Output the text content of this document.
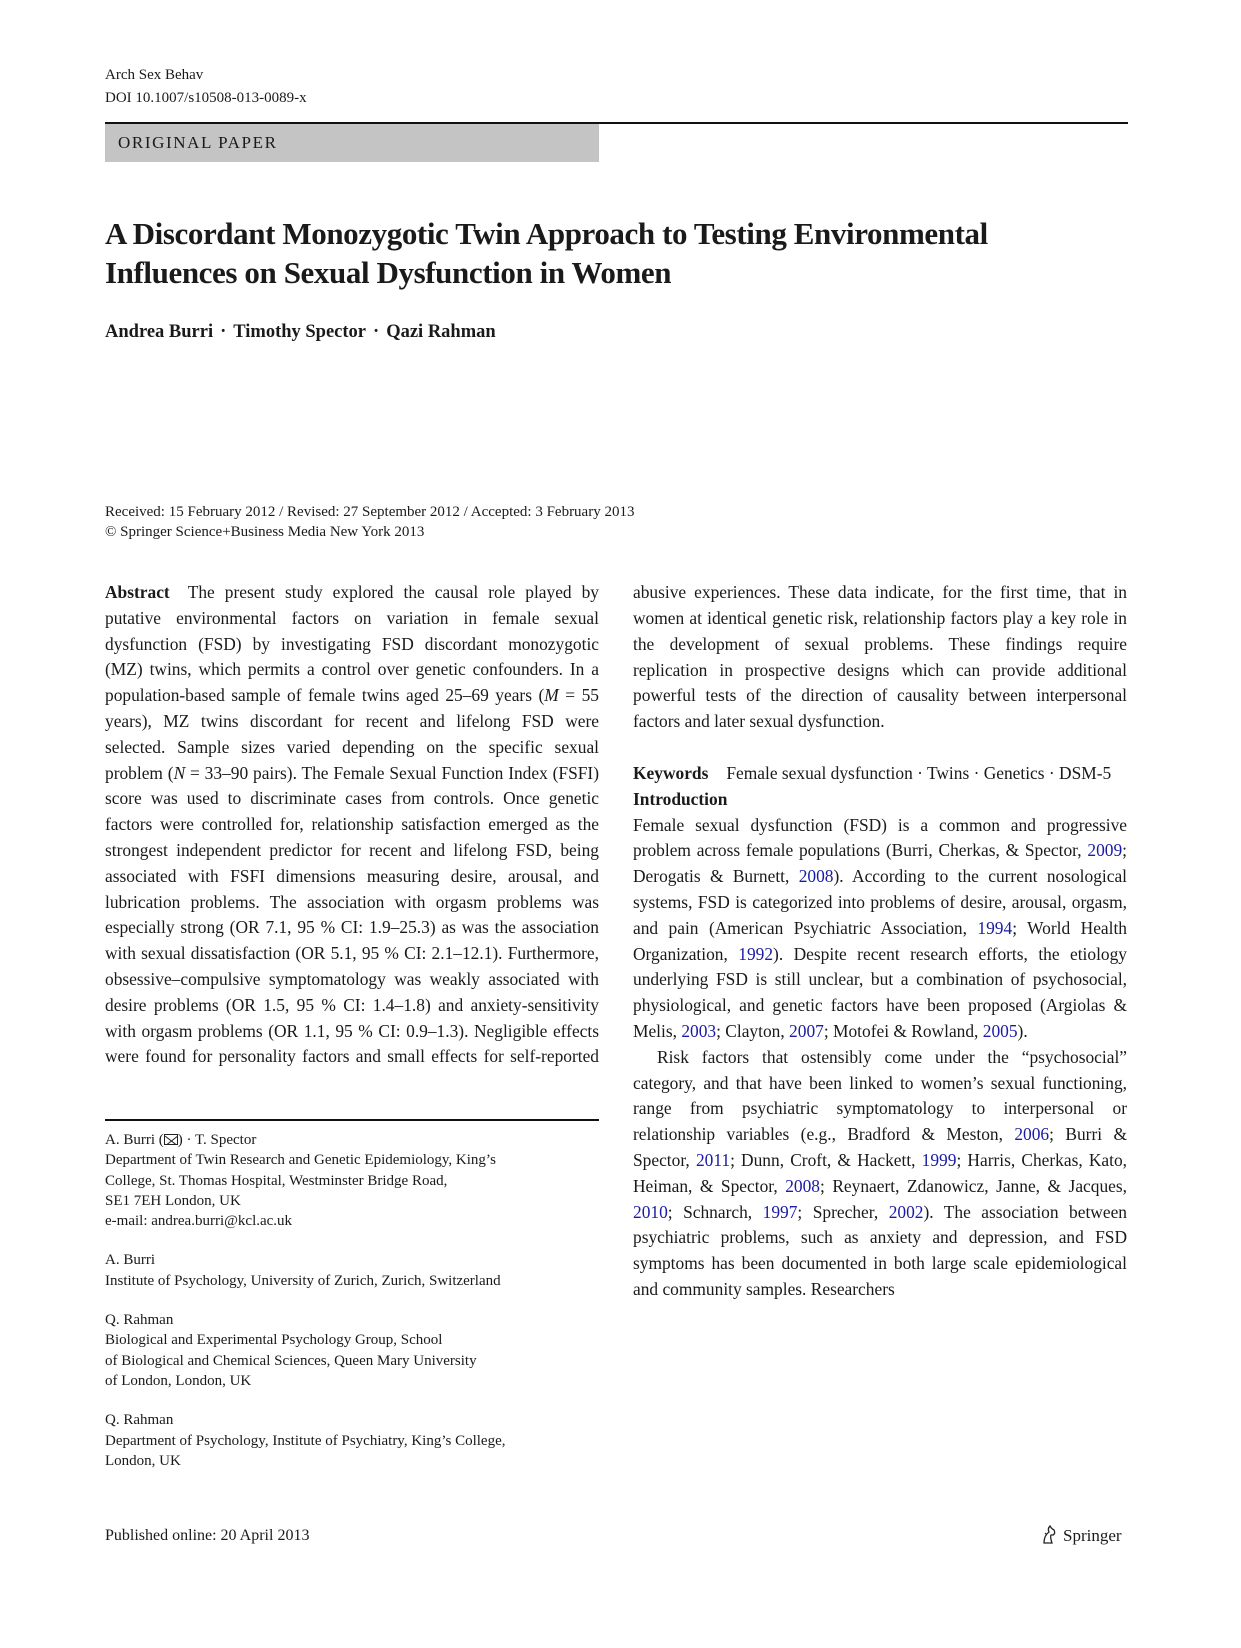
Arch Sex Behav
DOI 10.1007/s10508-013-0089-x
ORIGINAL PAPER
A Discordant Monozygotic Twin Approach to Testing Environmental
Influences on Sexual Dysfunction in Women
Andrea Burri · Timothy Spector · Qazi Rahman
Received: 15 February 2012 / Revised: 27 September 2012 / Accepted: 3 February 2013
© Springer Science+Business Media New York 2013

Abstract The present study explored the causal role played by putative environmental factors on variation in female sexual dysfunction (FSD) by investigating FSD discordant monozygotic (MZ) twins, which permits a control over genetic confounders. In a population-based sample of female twins aged 25–69 years (M = 55 years), MZ twins discordant for recent and lifelong FSD were selected. Sample sizes varied depending on the specific sexual problem (N = 33–90 pairs). The Female Sexual Function Index (FSFI) score was used to discriminate cases from controls. Once genetic factors were controlled for, relationship satisfaction emerged as the strongest independent predictor for recent and lifelong FSD, being associated with FSFI dimensions measuring desire, arousal, and lubrication problems. The association with orgasm problems was especially strong (OR 7.1, 95 % CI: 1.9–25.3) as was the association with sexual dissatisfaction (OR 5.1, 95 % CI: 2.1–12.1). Furthermore, obsessive–compulsive symptomatology was weakly associated with desire problems (OR 1.5, 95 % CI: 1.4–1.8) and anxiety-sensitivity with orgasm problems (OR 1.1, 95 % CI: 0.9–1.3). Negligible effects were found for personality factors and small effects for self-reported

abusive experiences. These data indicate, for the first time, that in women at identical genetic risk, relationship factors play a key role in the development of sexual problems. These findings require replication in prospective designs which can provide additional powerful tests of the direction of causality between interpersonal factors and later sexual dysfunction.

Keywords Female sexual dysfunction · Twins · Genetics · DSM-5

Introduction

Female sexual dysfunction (FSD) is a common and progressive problem across female populations (Burri, Cherkas, & Spector, 2009; Derogatis & Burnett, 2008). According to the current nosological systems, FSD is categorized into problems of desire, arousal, orgasm, and pain (American Psychiatric Association, 1994; World Health Organization, 1992). Despite recent research efforts, the etiology underlying FSD is still unclear, but a combination of psychosocial, physiological, and genetic factors have been proposed (Argiolas & Melis, 2003; Clayton, 2007; Motofei & Rowland, 2005).

Risk factors that ostensibly come under the “psychosocial” category, and that have been linked to women’s sexual functioning, range from psychiatric symptomatology to interpersonal or relationship variables (e.g., Bradford & Meston, 2006; Burri & Spector, 2011; Dunn, Croft, & Hackett, 1999; Harris, Cherkas, Kato, Heiman, & Spector, 2008; Reynaert, Zdanowicz, Janne, & Jacques, 2010; Schnarch, 1997; Sprecher, 2002). The association between psychiatric problems, such as anxiety and depression, and FSD symptoms has been documented in both large scale epidemiological and community samples. Researchers

A. Burri ( ) · T. Spector
Department of Twin Research and Genetic Epidemiology, King’s
College, St. Thomas Hospital, Westminster Bridge Road,
SE1 7EH London, UK
e-mail: andrea.burri@kcl.ac.uk
A. Burri
Institute of Psychology, University of Zurich, Zurich, Switzerland
Q. Rahman
Biological and Experimental Psychology Group, School
of Biological and Chemical Sciences, Queen Mary University
of London, London, UK
Q. Rahman
Department of Psychology, Institute of Psychiatry, King’s College,
London, UK
Published online: 20 April 2013	Springer
